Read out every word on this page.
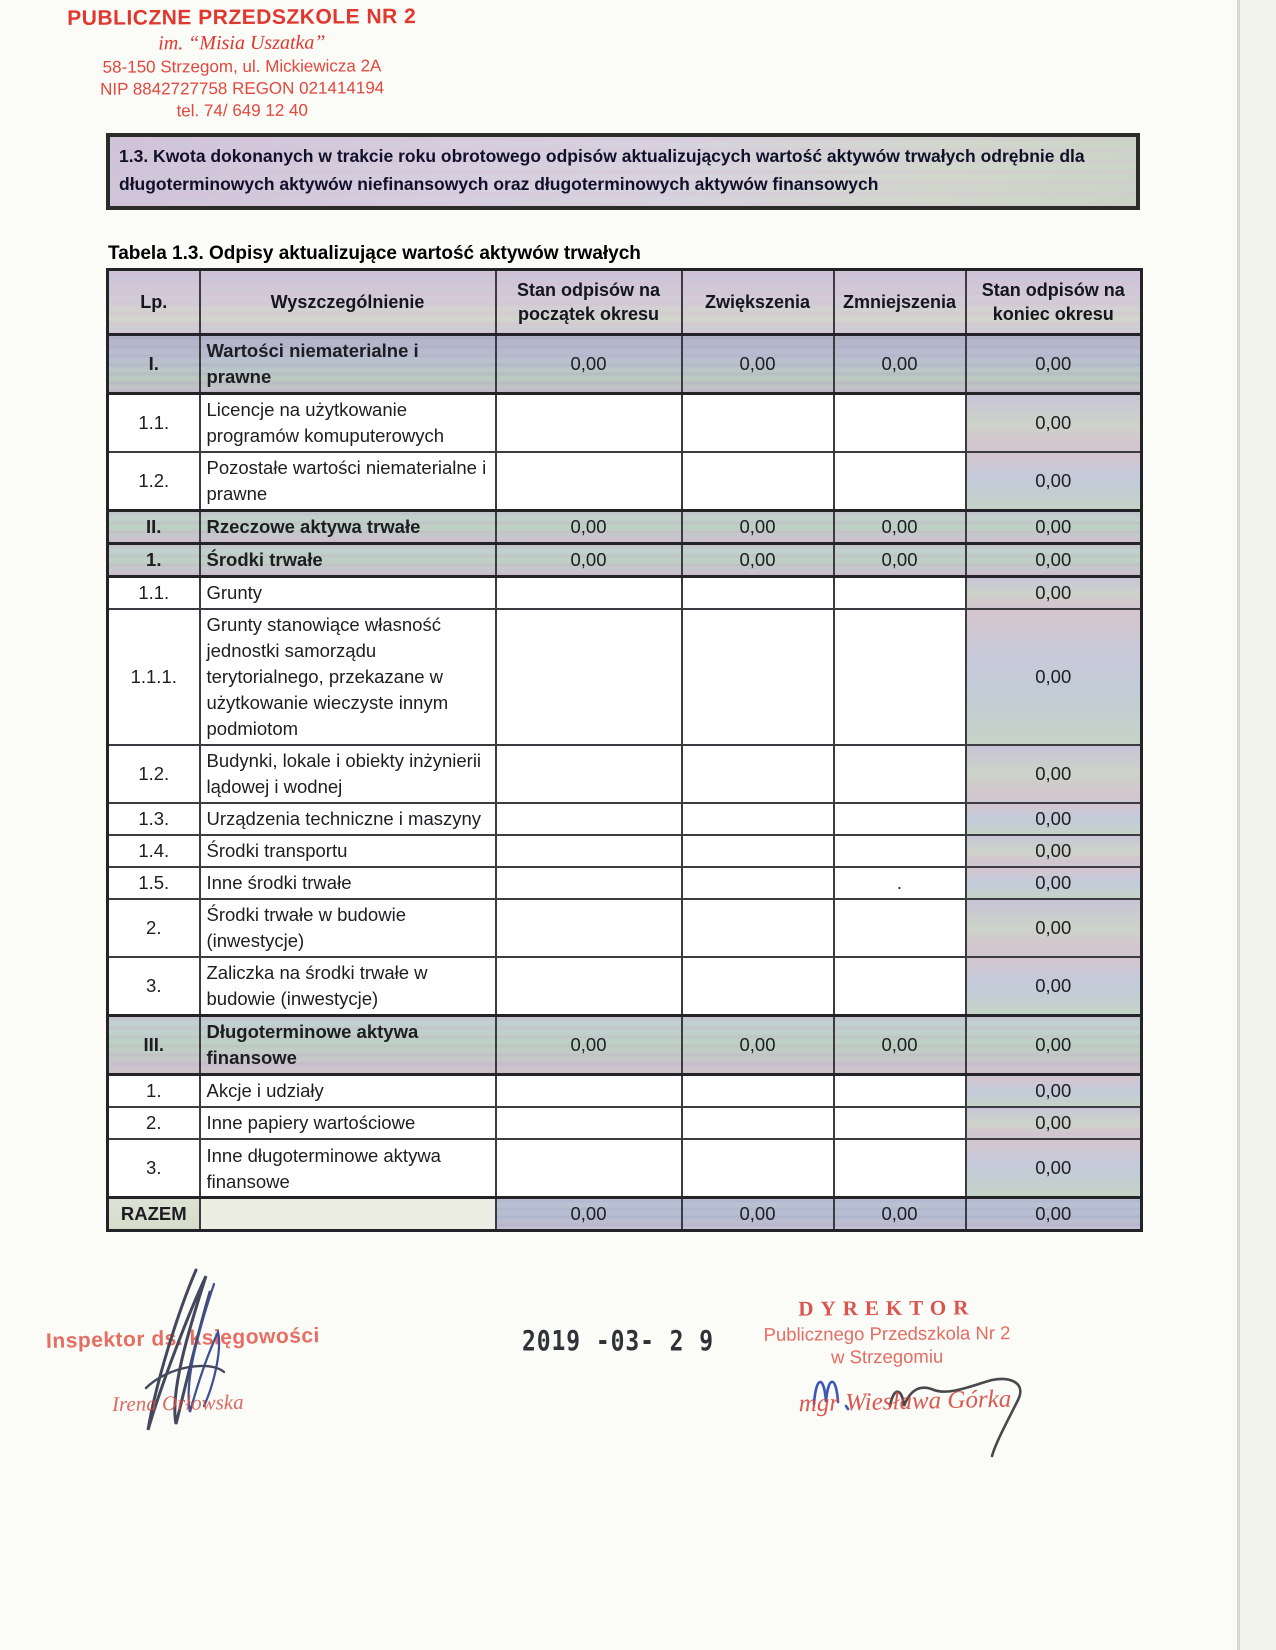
PUBLICZNE PRZEDSZKOLE NR 2
im. “Misia Uszatka”
58-150 Strzegom, ul. Mickiewicza 2A
NIP 8842727758 REGON 021414194
tel. 74/ 649 12 40
1.3. Kwota dokonanych w trakcie roku obrotowego odpisów aktualizujących wartość aktywów trwałych odrębnie dla długoterminowych aktywów niefinansowych oraz długoterminowych aktywów finansowych
Tabela 1.3. Odpisy aktualizujące wartość aktywów trwałych
Lp.	Wyszczególnienie	Stan odpisów na początek okresu	Zwiększenia	Zmniejszenia	Stan odpisów na koniec okresu
I.	Wartości niematerialne i prawne	0,00	0,00	0,00	0,00
1.1.	Licencje na użytkowanie programów komuputerowych				0,00
1.2.	Pozostałe wartości niematerialne i prawne				0,00
II.	Rzeczowe aktywa trwałe	0,00	0,00	0,00	0,00
1.	Środki trwałe	0,00	0,00	0,00	0,00
1.1.	Grunty				0,00
1.1.1.	Grunty stanowiące własność jednostki samorządu terytorialnego, przekazane w użytkowanie wieczyste innym podmiotom				0,00
1.2.	Budynki, lokale i obiekty inżynierii lądowej i wodnej				0,00
1.3.	Urządzenia techniczne i maszyny				0,00
1.4.	Środki transportu				0,00
1.5.	Inne środki trwałe			.	0,00
2.	Środki trwałe w budowie (inwestycje)				0,00
3.	Zaliczka na środki trwałe w budowie (inwestycje)				0,00
III.	Długoterminowe aktywa finansowe	0,00	0,00	0,00	0,00
1.	Akcje i udziały				0,00
2.	Inne papiery wartościowe				0,00
3.	Inne długoterminowe aktywa finansowe				0,00
RAZEM		0,00	0,00	0,00	0,00
Inspektor ds. księgowości
Irena Orłowska
2019 -03- 2 9
DYREKTOR
Publicznego Przedszkola Nr 2
w Strzegomiu
mgr Wiesława Górka
